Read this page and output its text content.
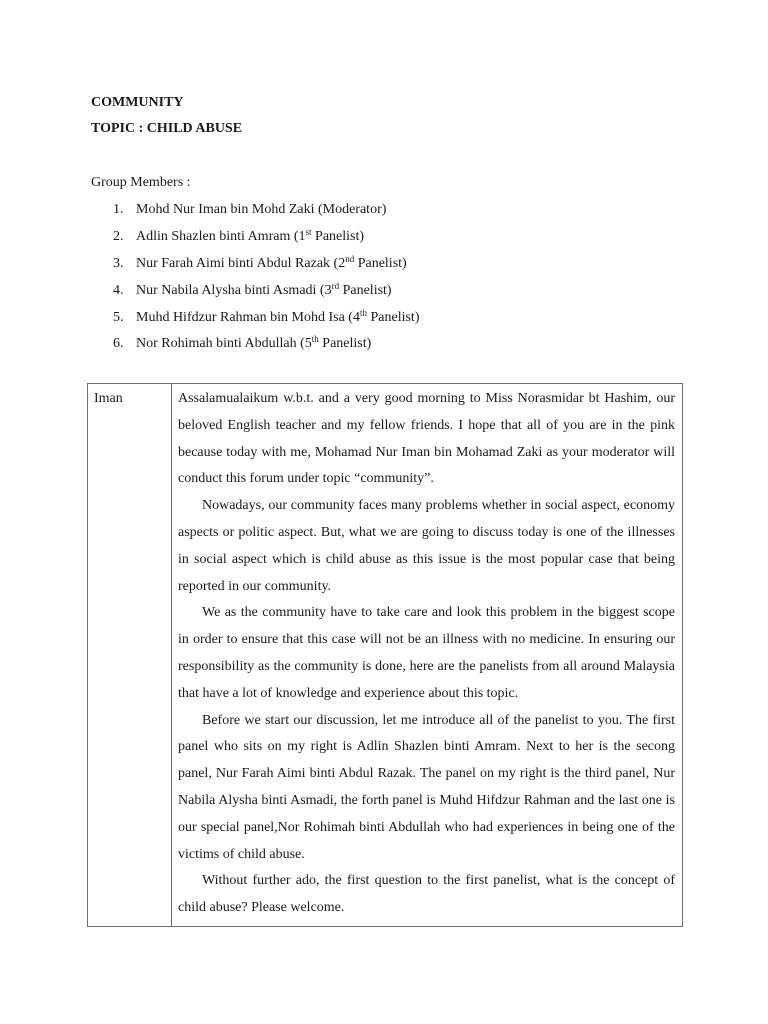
COMMUNITY
TOPIC : CHILD ABUSE
Group Members :
1. Mohd Nur Iman bin Mohd Zaki (Moderator)
2. Adlin Shazlen binti Amram (1st Panelist)
3. Nur Farah Aimi binti Abdul Razak (2nd Panelist)
4. Nur Nabila Alysha binti Asmadi (3rd Panelist)
5. Muhd Hifdzur Rahman bin Mohd Isa (4th Panelist)
6. Nor Rohimah binti Abdullah (5th Panelist)
Iman	Assalamualaikum w.b.t. and a very good morning to Miss Norasmidar bt Hashim, our beloved English teacher and my fellow friends. I hope that all of you are in the pink because today with me, Mohamad Nur Iman bin Mohamad Zaki as your moderator will conduct this forum under topic “community”.

Nowadays, our community faces many problems whether in social aspect, economy aspects or politic aspect. But, what we are going to discuss today is one of the illnesses in social aspect which is child abuse as this issue is the most popular case that being reported in our community.

We as the community have to take care and look this problem in the biggest scope in order to ensure that this case will not be an illness with no medicine. In ensuring our responsibility as the community is done, here are the panelists from all around Malaysia that have a lot of knowledge and experience about this topic.

Before we start our discussion, let me introduce all of the panelist to you. The first panel who sits on my right is Adlin Shazlen binti Amram. Next to her is the secong panel, Nur Farah Aimi binti Abdul Razak. The panel on my right is the third panel, Nur Nabila Alysha binti Asmadi, the forth panel is Muhd Hifdzur Rahman and the last one is our special panel,Nor Rohimah binti Abdullah who had experiences in being one of the victims of child abuse.

Without further ado, the first question to the first panelist, what is the concept of child abuse? Please welcome.
